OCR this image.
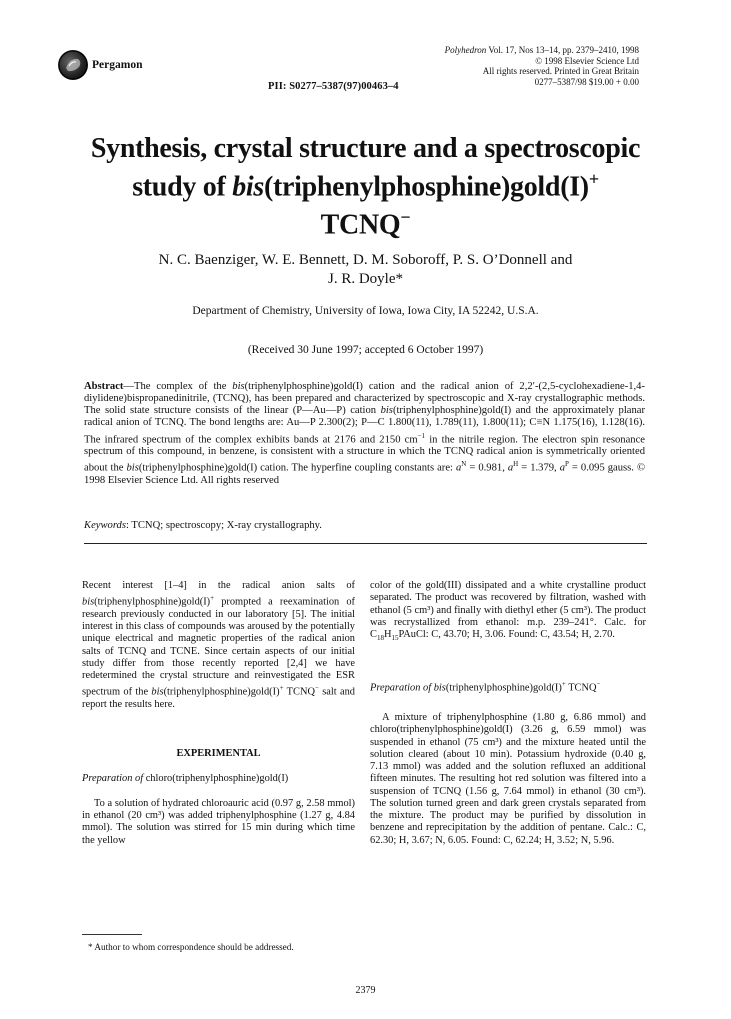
Pergamon
PII: S0277–5387(97)00463–4
Polyhedron Vol. 17, Nos 13–14, pp. 2379–2410, 1998
© 1998 Elsevier Science Ltd
All rights reserved. Printed in Great Britain
0277–5387/98 $19.00 + 0.00
Synthesis, crystal structure and a spectroscopic
study of bis(triphenylphosphine)gold(I)+
TCNQ−
N. C. Baenziger, W. E. Bennett, D. M. Soboroff, P. S. O’Donnell and
J. R. Doyle*
Department of Chemistry, University of Iowa, Iowa City, IA 52242, U.S.A.
(Received 30 June 1997; accepted 6 October 1997)
Abstract—The complex of the bis(triphenylphosphine)gold(I) cation and the radical anion of 2,2′-(2,5-cyclohexadiene-1,4-diylidene)bispropanedinitrile, (TCNQ), has been prepared and characterized by spectroscopic and X-ray crystallographic methods. The solid state structure consists of the linear (P—Au—P) cation bis(triphenylphosphine)gold(I) and the approximately planar radical anion of TCNQ. The bond lengths are: Au—P 2.300(2); P—C 1.800(11), 1.789(11), 1.800(11); C≡N 1.175(16), 1.128(16). The infrared spectrum of the complex exhibits bands at 2176 and 2150 $cm^{-1}$ in the nitrile region. The electron spin resonance spectrum of this compound, in benzene, is consistent with a structure in which the TCNQ radical anion is symmetrically oriented about the bis(triphenylphosphine)gold(I) cation. The hyperfine coupling constants are: $a^N = 0.981$, $a^H = 1.379$, $a^P = 0.095$ gauss. © 1998 Elsevier Science Ltd. All rights reserved
Keywords: TCNQ; spectroscopy; X-ray crystallography.

Recent interest [1–4] in the radical anion salts of bis(triphenylphosphine)gold(I)+ prompted a reexamination of research previously conducted in our laboratory [5]. The initial interest in this class of compounds was aroused by the potentially unique electrical and magnetic properties of the radical anion salts of TCNQ and TCNE. Since certain aspects of our initial study differ from those recently reported [2,4] we have redetermined the crystal structure and reinvestigated the ESR spectrum of the bis(triphenylphosphine)gold(I)+ TCNQ− salt and report the results here.

EXPERIMENTAL

Preparation of chloro(triphenylphosphine)gold(I)

To a solution of hydrated chloroauric acid (0.97 g, 2.58 mmol) in ethanol (20 cm³) was added triphenylphosphine (1.27 g, 4.84 mmol). The solution was stirred for 15 min during which time the yellow

* Author to whom correspondence should be addressed.

color of the gold(III) dissipated and a white crystalline product separated. The product was recovered by filtration, washed with ethanol (5 cm³) and finally with diethyl ether (5 cm³). The product was recrystallized from ethanol: m.p. 239–241°. Calc. for $C_{18}H_{15}PAuCl$: C, 43.70; H, 3.06. Found: C, 43.54; H, 2.70.

Preparation of bis(triphenylphosphine)gold(I)+ TCNQ−

A mixture of triphenylphosphine (1.80 g, 6.86 mmol) and chloro(triphenylphosphine)gold(I) (3.26 g, 6.59 mmol) was suspended in ethanol (75 cm³) and the mixture heated until the solution cleared (about 10 min). Potassium hydroxide (0.40 g, 7.13 mmol) was added and the solution refluxed an additional fifteen minutes. The resulting hot red solution was filtered into a suspension of TCNQ (1.56 g, 7.64 mmol) in ethanol (30 cm³). The solution turned green and dark green crystals separated from the mixture. The product may be purified by dissolution in benzene and reprecipitation by the addition of pentane. Calc.: C, 62.30; H, 3.67; N, 6.05. Found: C, 62.24; H, 3.52; N, 5.96.

2379
